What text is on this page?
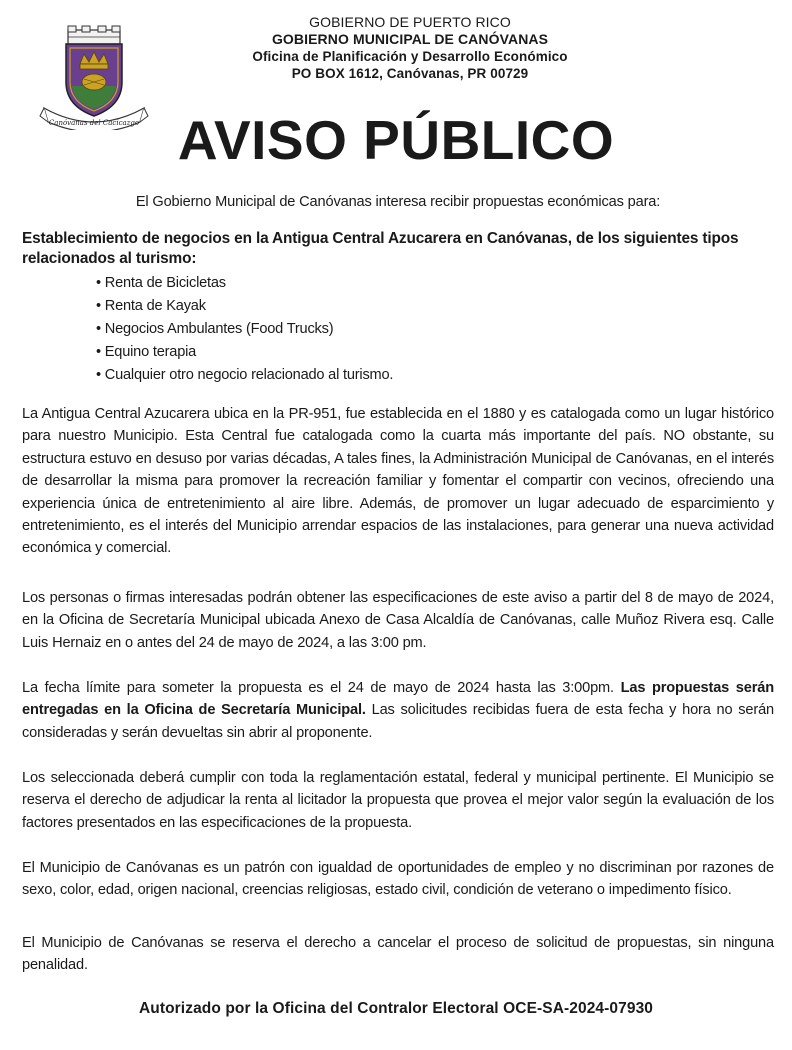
Canóvanas del Cacicazgo
GOBIERNO DE PUERTO RICO
GOBIERNO MUNICIPAL DE CANÓVANAS
Oficina de Planificación y Desarrollo Económico
PO BOX 1612, Canóvanas, PR 00729
AVISO PÚBLICO
El Gobierno Municipal de Canóvanas interesa recibir propuestas económicas para:
Establecimiento de negocios en la Antigua Central Azucarera en Canóvanas, de los siguientes tipos relacionados al turismo:
• Renta de Bicicletas
• Renta de Kayak
• Negocios Ambulantes (Food Trucks)
• Equino terapia
• Cualquier otro negocio relacionado al turismo.
La Antigua Central Azucarera ubica en la PR-951, fue establecida en el 1880 y es catalogada como un lugar histórico para nuestro Municipio. Esta Central fue catalogada como la cuarta más importante del país. NO obstante, su estructura estuvo en desuso por varias décadas, A tales fines, la Administración Municipal de Canóvanas, en el interés de desarrollar la misma para promover la recreación familiar y fomentar el compartir con vecinos, ofreciendo una experiencia única de entretenimiento al aire libre. Además, de promover un lugar adecuado de esparcimiento y entretenimiento, es el interés del Municipio arrendar espacios de las instalaciones, para generar una nueva actividad económica y comercial.
Los personas o firmas interesadas podrán obtener las especificaciones de este aviso a partir del 8 de mayo de 2024, en la Oficina de Secretaría Municipal ubicada Anexo de Casa Alcaldía de Canóvanas, calle Muñoz Rivera esq. Calle Luis Hernaiz en o antes del 24 de mayo de 2024, a las 3:00 pm.
La fecha límite para someter la propuesta es el 24 de mayo de 2024 hasta las 3:00pm. Las propuestas serán entregadas en la Oficina de Secretaría Municipal. Las solicitudes recibidas fuera de esta fecha y hora no serán consideradas y serán devueltas sin abrir al proponente.
Los seleccionada deberá cumplir con toda la reglamentación estatal, federal y municipal pertinente. El Municipio se reserva el derecho de adjudicar la renta al licitador la propuesta que provea el mejor valor según la evaluación de los factores presentados en las especificaciones de la propuesta.
El Municipio de Canóvanas es un patrón con igualdad de oportunidades de empleo y no discriminan por razones de sexo, color, edad, origen nacional, creencias religiosas, estado civil, condición de veterano o impedimento físico.
El Municipio de Canóvanas se reserva el derecho a cancelar el proceso de solicitud de propuestas, sin ninguna penalidad.
Autorizado por la Oficina del Contralor Electoral OCE-SA-2024-07930
